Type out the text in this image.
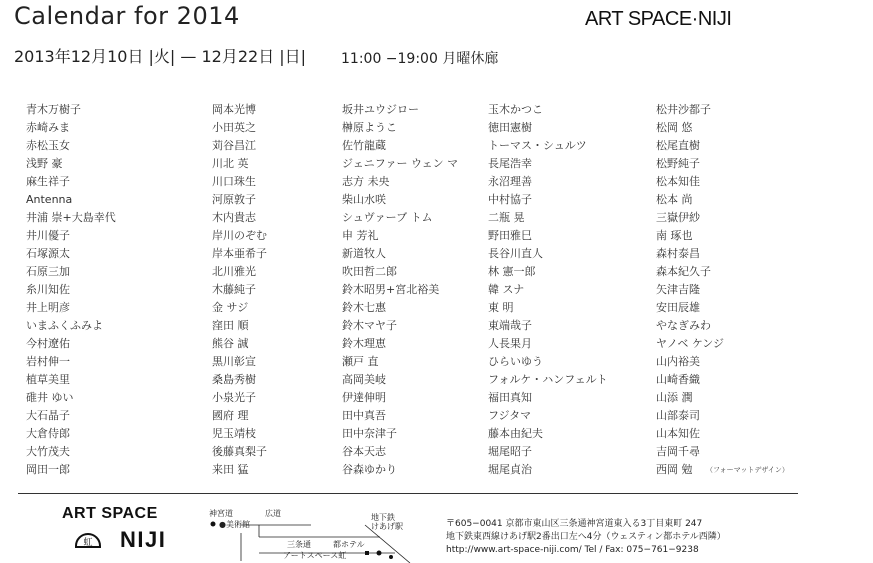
Calendar for 2014	ART SPACE·NIJI
2013年12月10日 |火| — 12月22日 |日| 11:00 −19:00 月曜休廊
青木万樹子
赤崎みま
赤松玉女
浅野 豪
麻生祥子
Antenna
井浦 崇+大島幸代
井川優子
石塚源太
石原三加
糸川知佐
井上明彦
いまふくふみよ
今村遼佑
岩村伸一
植草美里
碓井 ゆい
大石晶子
大倉侍郎
大竹茂夫
岡田一郎
岡本光博
小田英之
苅谷昌江
川北 英
川口珠生
河原敦子
木内貴志
岸川のぞむ
岸本亜希子
北川雅光
木藤純子
金 サジ
窪田 順
熊谷 誠
黒川彰宣
桑島秀樹
小泉光子
國府 理
児玉靖枝
後藤真梨子
来田 猛
坂井ユウジロー
榊原ようこ
佐竹龍蔵
ジェニファー ウェン マ
志方 未央
柴山水咲
シュヴァーブ トム
申 芳礼
新道牧人
吹田哲二郎
鈴木昭男+宮北裕美
鈴木七惠
鈴木マヤ子
鈴木理恵
瀬戸 直
高岡美岐
伊達伸明
田中真吾
田中奈津子
谷本天志
谷森ゆかり
玉木かつこ
徳田憲樹
トーマス・シュルツ
長尾浩幸
永沼理善
中村協子
二瓶 晃
野田雅巳
長谷川直人
林 憲一郎
韓 スナ
東 明
東端哉子
人長果月
ひらいゆう
フォルケ・ハンフェルト
福田真知
フジタマ
藤本由紀夫
堀尾昭子
堀尾貞治
松井沙都子
松岡 悠
松尾直樹
松野純子
松本知佳
松本 尚
三嶽伊紗
南 琢也
森村泰昌
森本紀久子
矢津吉隆
安田辰雄
やなぎみわ
ヤノベ ケンジ
山内裕美
山崎香織
山添 潤
山部泰司
山本知佐
吉岡千尋
西岡 勉	（フォーマットデザイン）
ART SPACE
虹 NIJI
神宮道	広道
●美術館
地下鉄
けあげ駅
三条通	都ホテル
アートスペース虹
〒605−0041 京都市東山区三条通神宮道東入る3丁目東町 247
地下鉄東西線けあげ駅2番出口左へ4分（ウェスティン都ホテル西隣）
http://www.art-space-niji.com/ Tel / Fax: 075−761−9238
